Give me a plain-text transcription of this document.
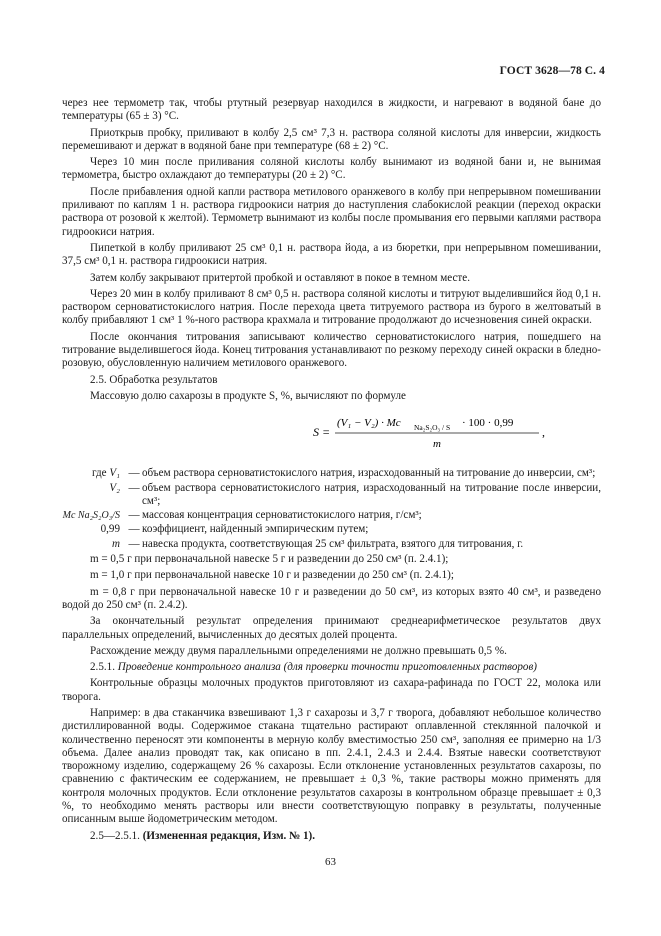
ГОСТ 3628—78 С. 4

через нее термометр так, чтобы ртутный резервуар находился в жидкости, и нагревают в водяной бане до температуры (65 ± 3) °С.

Приоткрыв пробку, приливают в колбу 2,5 см³ 7,3 н. раствора соляной кислоты для инверсии, жидкость перемешивают и держат в водяной бане при температуре (68 ± 2) °С.

Через 10 мин после приливания соляной кислоты колбу вынимают из водяной бани и, не вынимая термометра, быстро охлаждают до температуры (20 ± 2) °С.

После прибавления одной капли раствора метилового оранжевого в колбу при непрерывном помешивании приливают по каплям 1 н. раствора гидроокиси натрия до наступления слабокислой реакции (переход окраски раствора от розовой к желтой). Термометр вынимают из колбы после промывания его первыми каплями раствора гидроокиси натрия.

Пипеткой в колбу приливают 25 см³ 0,1 н. раствора йода, а из бюретки, при непрерывном помешивании, 37,5 см³ 0,1 н. раствора гидроокиси натрия.

Затем колбу закрывают притертой пробкой и оставляют в покое в темном месте.

Через 20 мин в колбу приливают 8 см³ 0,5 н. раствора соляной кислоты и титруют выделившийся йод 0,1 н. раствором серноватистокислого натрия. После перехода цвета титруемого раствора из бурого в желтоватый в колбу прибавляют 1 см³ 1 %-ного раствора крахмала и титрование продолжают до исчезновения синей окраски.

После окончания титрования записывают количество серноватистокислого натрия, пошедшего на титрование выделившегося йода. Конец титрования устанавливают по резкому переходу синей окраски в бледно-розовую, обусловленную наличием метилового оранжевого.

2.5. Обработка результатов

Массовую долю сахарозы в продукте S, %, вычисляют по формуле

S =
(V₁ − V₂) · Mc Na₂S₂O₃ / S · 100 · 0,99
m
,
где V₁ — объем раствора серноватистокислого натрия, израсходованный на титрование до инверсии, см³;
V₂ — объем раствора серноватистокислого натрия, израсходованный на титрование после инверсии, см³;
Mc Na₂S₂O₃/S — массовая концентрация серноватистокислого натрия, г/см³;
0,99 — коэффициент, найденный эмпирическим путем;
m — навеска продукта, соответствующая 25 см³ фильтрата, взятого для титрования, г.

m = 0,5 г при первоначальной навеске 5 г и разведении до 250 см³ (п. 2.4.1);

m = 1,0 г при первоначальной навеске 10 г и разведении до 250 см³ (п. 2.4.1);

m = 0,8 г при первоначальной навеске 10 г и разведении до 50 см³, из которых взято 40 см³, и разведено водой до 250 см³ (п. 2.4.2).

За окончательный результат определения принимают среднеарифметическое результатов двух параллельных определений, вычисленных до десятых долей процента.

Расхождение между двумя параллельными определениями не должно превышать 0,5 %.

2.5.1. Проведение контрольного анализа (для проверки точности приготовленных растворов)

Контрольные образцы молочных продуктов приготовляют из сахара-рафинада по ГОСТ 22, молока или творога.

Например: в два стаканчика взвешивают 1,3 г сахарозы и 3,7 г творога, добавляют небольшое количество дистиллированной воды. Содержимое стакана тщательно растирают оплавленной стеклянной палочкой и количественно переносят эти компоненты в мерную колбу вместимостью 250 см³, заполняя ее примерно на 1/3 объема. Далее анализ проводят так, как описано в пп. 2.4.1, 2.4.3 и 2.4.4. Взятые навески соответствуют творожному изделию, содержащему 26 % сахарозы. Если отклонение установленных результатов сахарозы, по сравнению с фактическим ее содержанием, не превышает ± 0,3 %, такие растворы можно применять для контроля молочных продуктов. Если отклонение результатов сахарозы в контрольном образце превышает ± 0,3 %, то необходимо менять растворы или внести соответствующую поправку в результаты, полученные описанным выше йодометрическим методом.

2.5—2.5.1. (Измененная редакция, Изм. № 1).

63
